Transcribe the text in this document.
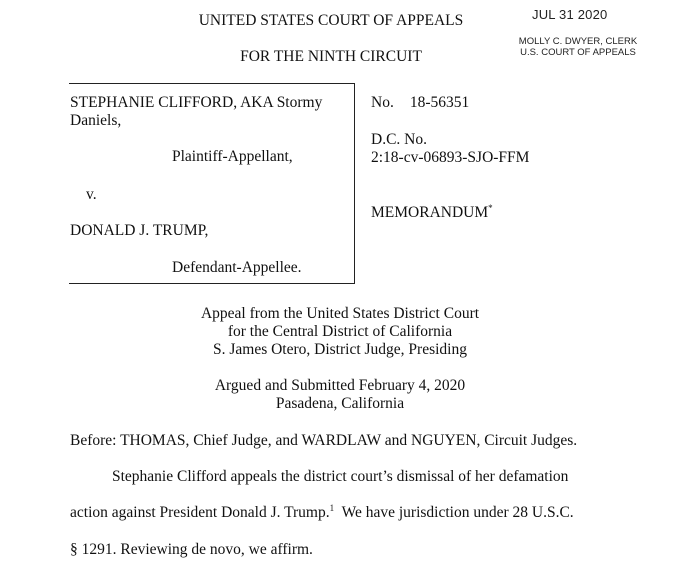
UNITED STATES COURT OF APPEALS
FOR THE NINTH CIRCUIT
JUL 31 2020
MOLLY C. DWYER, CLERK
U.S. COURT OF APPEALS
STEPHANIE CLIFFORD, AKA Stormy
Daniels,
Plaintiff-Appellant,
v.
DONALD J. TRUMP,
Defendant-Appellee.
No. 18-56351
D.C. No.
2:18-cv-06893-SJO-FFM
MEMORANDUM*
Appeal from the United States District Court
for the Central District of California
S. James Otero, District Judge, Presiding
Argued and Submitted February 4, 2020
Pasadena, California
Before: THOMAS, Chief Judge, and WARDLAW and NGUYEN, Circuit Judges.
Stephanie Clifford appeals the district court’s dismissal of her defamation
action against President Donald J. Trump.$^1$  We have jurisdiction under 28 U.S.C.
§ 1291. Reviewing de novo, we affirm.
